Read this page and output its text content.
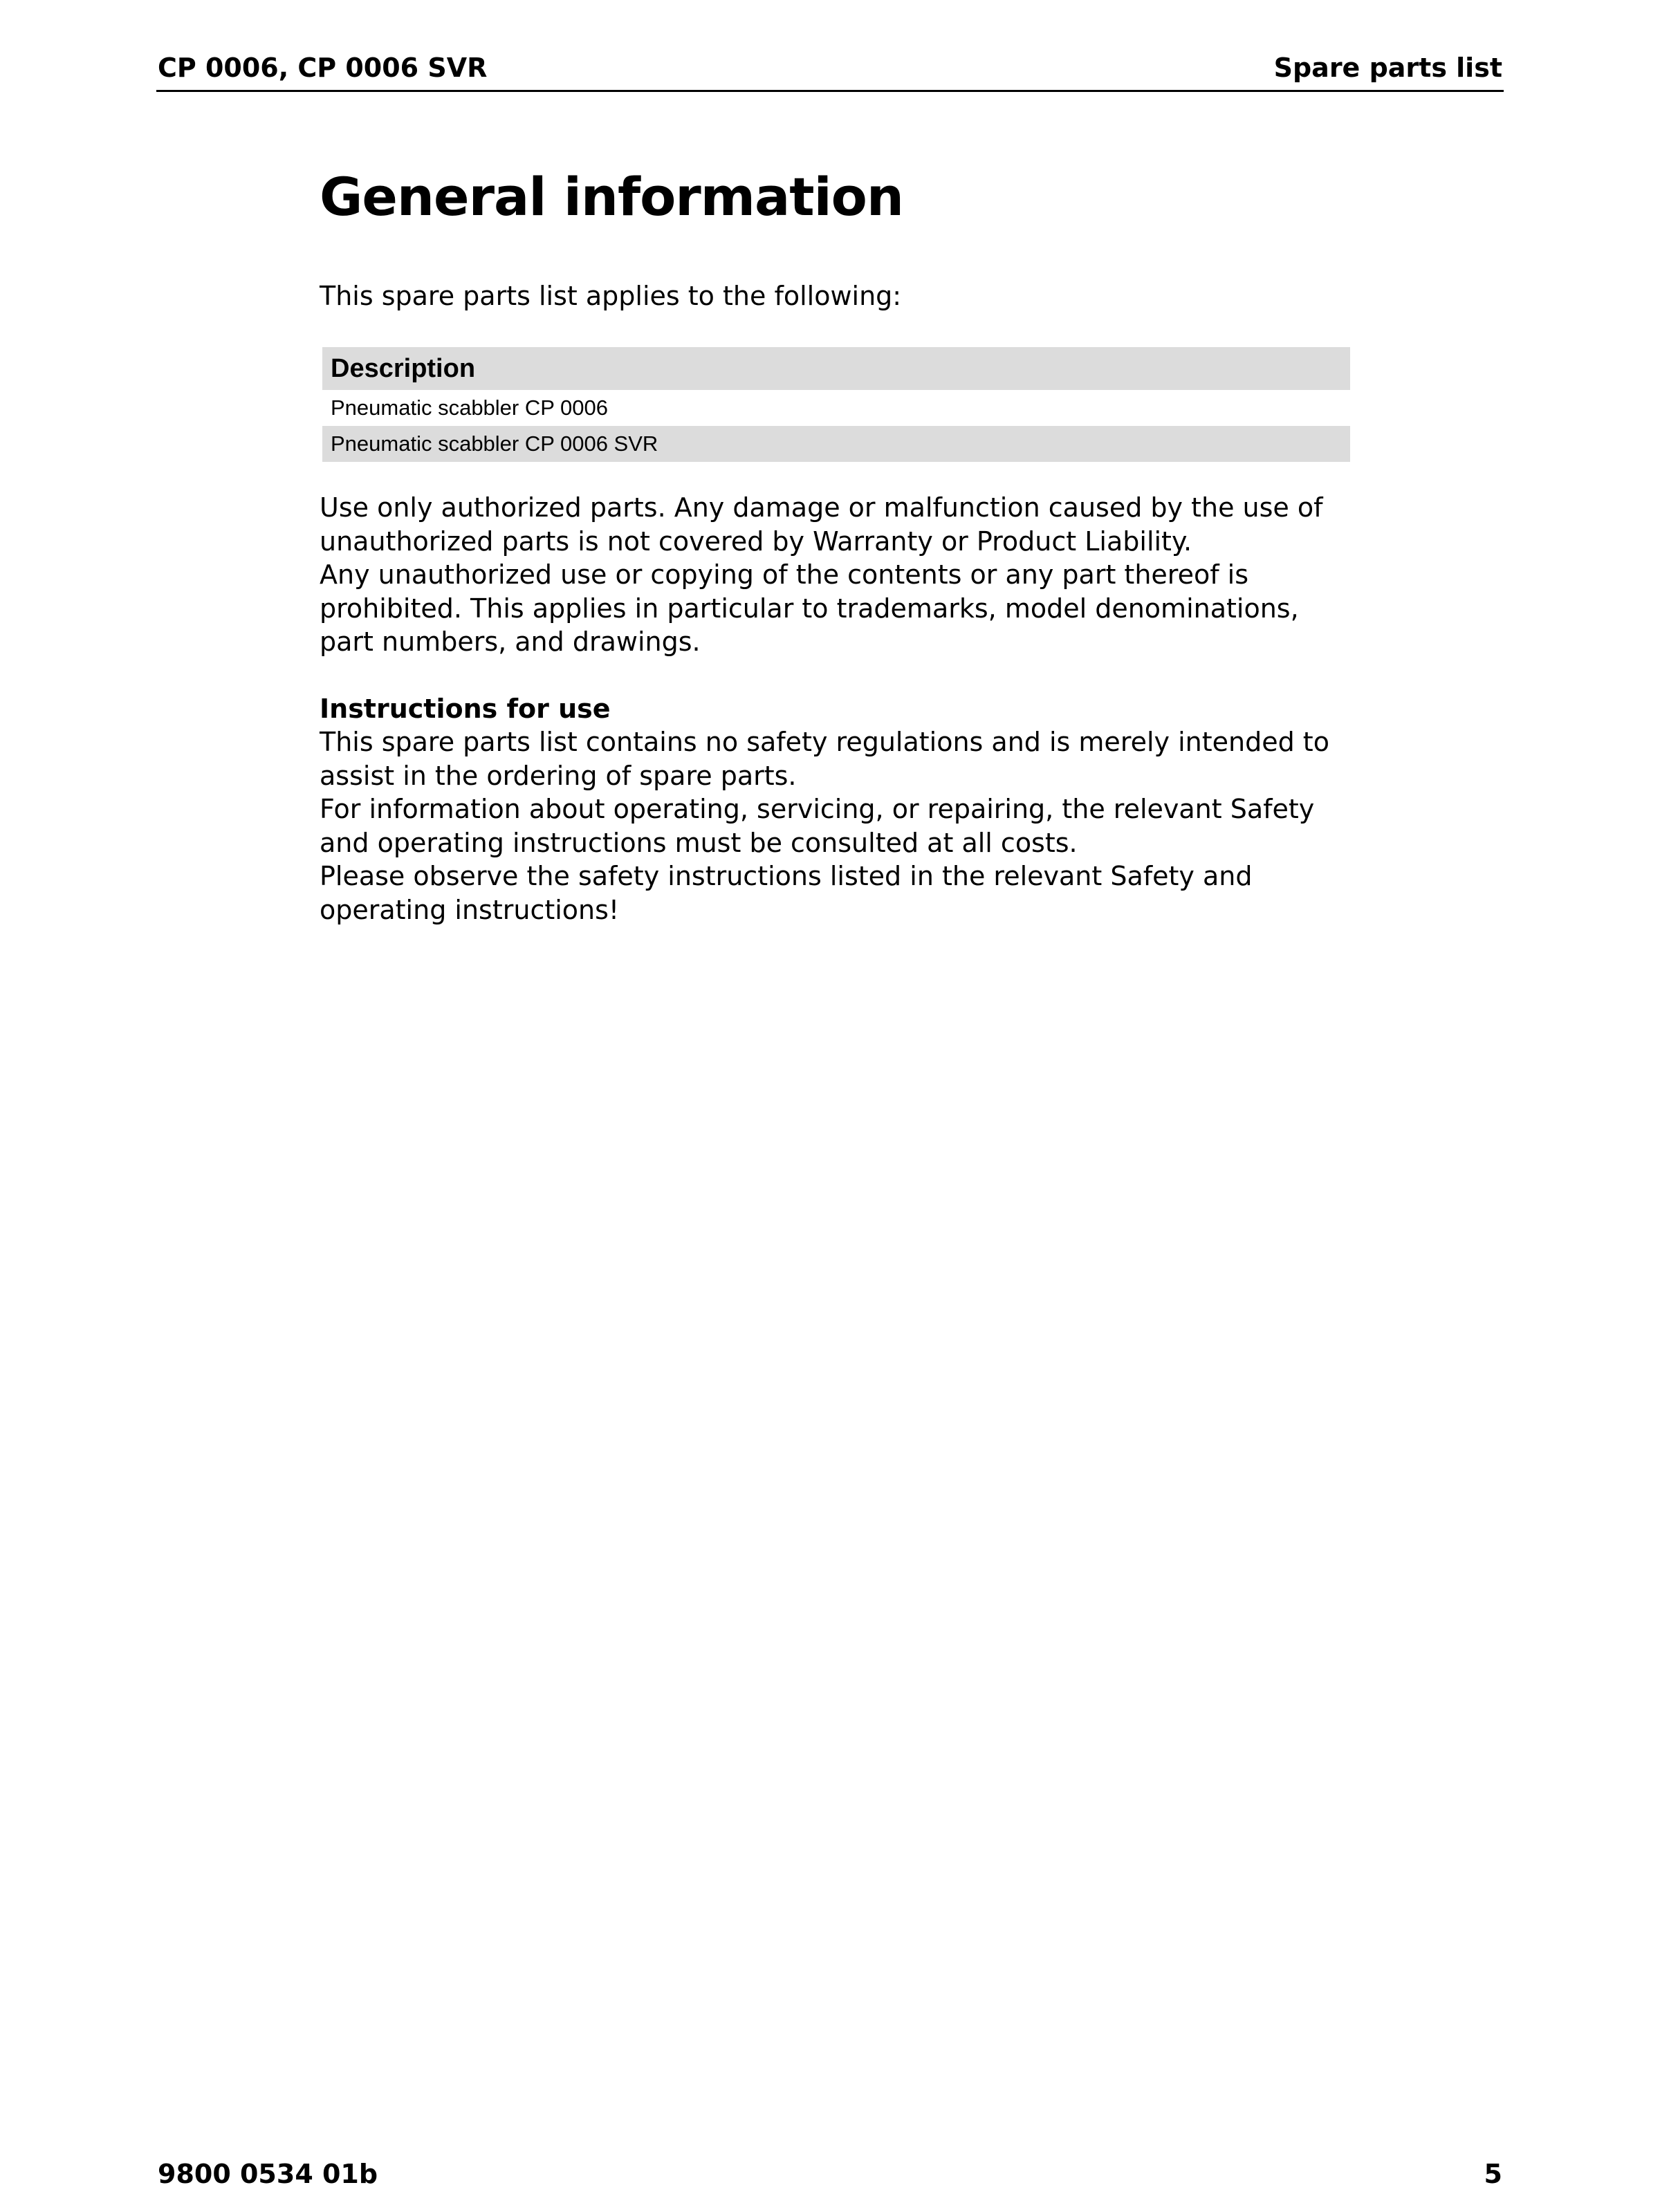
CP 0006, CP 0006 SVR	Spare parts list
General information
This spare parts list applies to the following:
Description
Pneumatic scabbler CP 0006
Pneumatic scabbler CP 0006 SVR

Use only authorized parts. Any damage or malfunction caused by the use of unauthorized parts is not covered by Warranty or Product Liability.

Any unauthorized use or copying of the contents or any part thereof is prohibited. This applies in particular to trademarks, model denominations, part numbers, and drawings.

Instructions for use

This spare parts list contains no safety regulations and is merely intended to assist in the ordering of spare parts.

For information about operating, servicing, or repairing, the relevant Safety and operating instructions must be consulted at all costs.

Please observe the safety instructions listed in the relevant Safety and operating instructions!

9800 0534 01b	5
